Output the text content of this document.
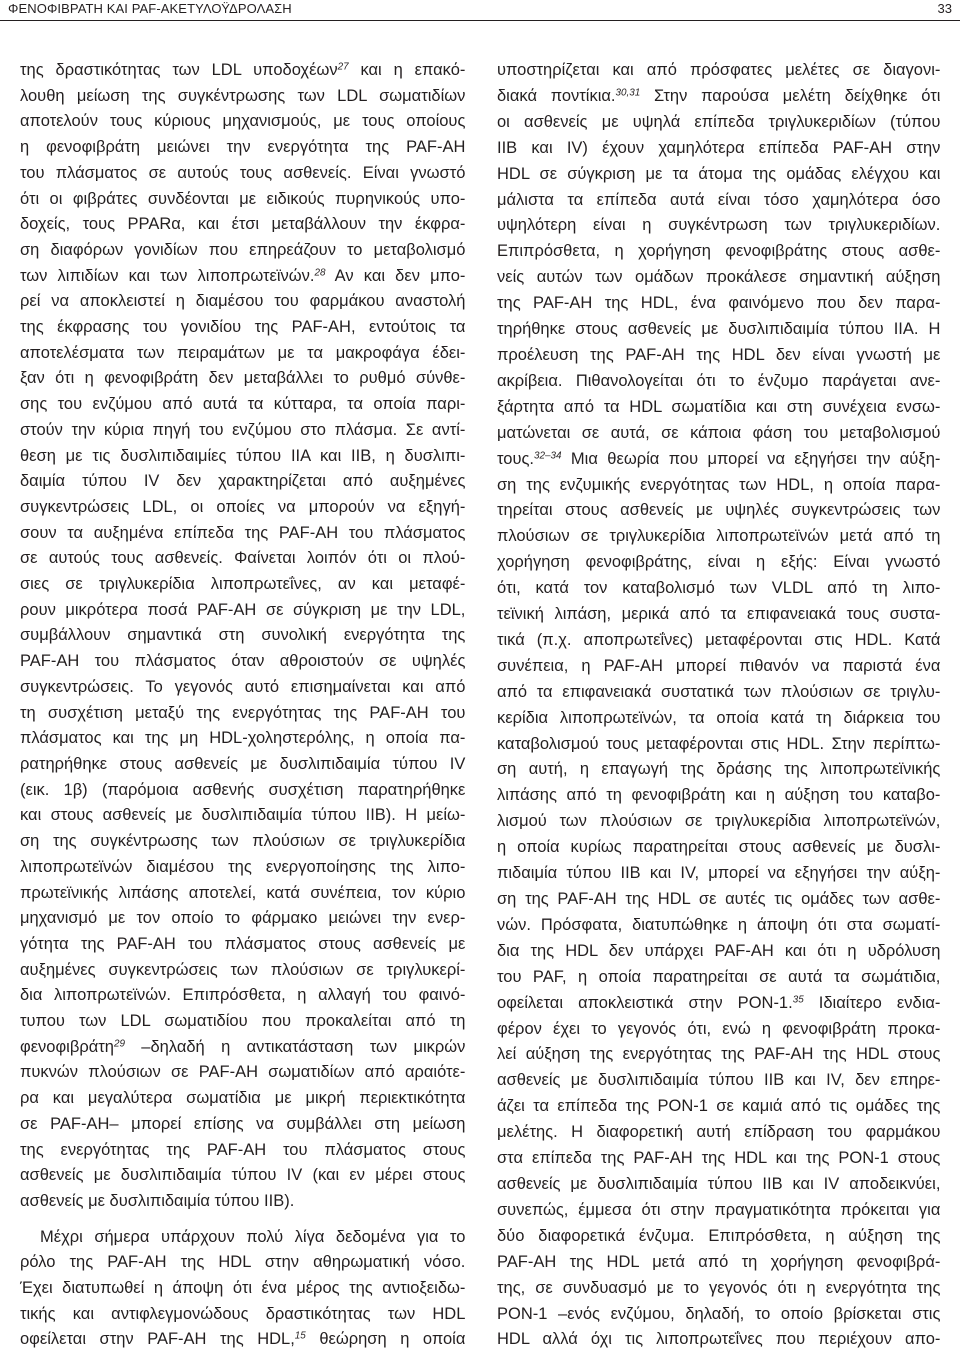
ΦΕΝΟΦΙΒΡΑΤΗ ΚΑΙ PAF-ΑΚΕΤΥΛΟΫΔΡΟΛΑΣΗ	33
της δραστικότητας των LDL υποδοχέων$^{27}$ και η επακό-
λουθη μείωση της συγκέντρωσης των LDL σωματιδίων
αποτελούν τους κύριους μηχανισμούς, με τους οποίους
η φενοφιβράτη μειώνει την ενεργότητα της PAF-AH
του πλάσματος σε αυτούς τους ασθενείς. Είναι γνωστό
ότι οι φιβράτες συνδέονται με ειδικούς πυρηνικούς υπο-
δοχείς, τους PPARα, και έτσι μεταβάλλουν την έκφρα-
ση διαφόρων γονιδίων που επηρεάζουν το μεταβολισμό
των λιπιδίων και των λιποπρωτεϊνών.$^{28}$ Αν και δεν μπο-
ρεί να αποκλειστεί η διαμέσου του φαρμάκου αναστολή
της έκφρασης του γονιδίου της PAF-AH, εντούτοις τα
αποτελέσματα των πειραμάτων με τα μακροφάγα έδει-
ξαν ότι η φενοφιβράτη δεν μεταβάλλει το ρυθμό σύνθε-
σης του ενζύμου από αυτά τα κύτταρα, τα οποία παρι-
στούν την κύρια πηγή του ενζύμου στο πλάσμα. Σε αντί-
θεση με τις δυσλιπιδαιμίες τύπου IIA και IIB, η δυσλιπι-
δαιμία τύπου IV δεν χαρακτηρίζεται από αυξημένες
συγκεντρώσεις LDL, οι οποίες να μπορούν να εξηγή-
σουν τα αυξημένα επίπεδα της PAF-AH του πλάσματος
σε αυτούς τους ασθενείς. Φαίνεται λοιπόν ότι οι πλού-
σιες σε τριγλυκερίδια λιποπρωτεΐνες, αν και μεταφέ-
ρουν μικρότερα ποσά PAF-AH σε σύγκριση με την LDL,
συμβάλλουν σημαντικά στη συνολική ενεργότητα της
PAF-AH του πλάσματος όταν αθροιστούν σε υψηλές
συγκεντρώσεις. Το γεγονός αυτό επισημαίνεται και από
τη συσχέτιση μεταξύ της ενεργότητας της PAF-AH του
πλάσματος και της μη HDL-χοληστερόλης, η οποία πα-
ρατηρήθηκε στους ασθενείς με δυσλιπιδαιμία τύπου IV
(εικ. 1β) (παρόμοια ασθενής συσχέτιση παρατηρήθηκε
και στους ασθενείς με δυσλιπιδαιμία τύπου IIB). Η μείω-
ση της συγκέντρωσης των πλούσιων σε τριγλυκερίδια
λιποπρωτεϊνών διαμέσου της ενεργοποίησης της λιπο-
πρωτεϊνικής λιπάσης αποτελεί, κατά συνέπεια, τον κύριο
μηχανισμό με τον οποίο το φάρμακο μειώνει την ενερ-
γότητα της PAF-AH του πλάσματος στους ασθενείς με
αυξημένες συγκεντρώσεις των πλούσιων σε τριγλυκερί-
δια λιποπρωτεϊνών. Επιπρόσθετα, η αλλαγή του φαινό-
τυπου των LDL σωματιδίου που προκαλείται από τη
φενοφιβράτη$^{29}$ –δηλαδή η αντικατάσταση των μικρών
πυκνών πλούσιων σε PAF-AH σωματιδίων από αραιότε-
ρα και μεγαλύτερα σωματίδια με μικρή περιεκτικότητα
σε PAF-AH– μπορεί επίσης να συμβάλλει στη μείωση
της ενεργότητας της PAF-AH του πλάσματος στους
ασθενείς με δυσλιπιδαιμία τύπου IV (και εν μέρει στους
ασθενείς με δυσλιπιδαιμία τύπου IIB).
Μέχρι σήμερα υπάρχουν πολύ λίγα δεδομένα για το
ρόλο της PAF-AH της HDL στην αθηρωματική νόσο.
Έχει διατυπωθεί η άποψη ότι ένα μέρος της αντιοξειδω-
τικής και αντιφλεγμονώδους δραστικότητας των HDL
οφείλεται στην PAF-AH της HDL,$^{15}$ θεώρηση η οποία
υποστηρίζεται και από πρόσφατες μελέτες σε διαγονι-
διακά ποντίκια.$^{30,31}$ Στην παρούσα μελέτη δείχθηκε ότι
οι ασθενείς με υψηλά επίπεδα τριγλυκεριδίων (τύπου
IIB και IV) έχουν χαμηλότερα επίπεδα PAF-AH στην
HDL σε σύγκριση με τα άτομα της ομάδας ελέγχου και
μάλιστα τα επίπεδα αυτά είναι τόσο χαμηλότερα όσο
υψηλότερη είναι η συγκέντρωση των τριγλυκεριδίων.
Επιπρόσθετα, η χορήγηση φενοφιβράτης στους ασθε-
νείς αυτών των ομάδων προκάλεσε σημαντική αύξηση
της PAF-AH της HDL, ένα φαινόμενο που δεν παρα-
τηρήθηκε στους ασθενείς με δυσλιπιδαιμία τύπου IIA. Η
προέλευση της PAF-AH της HDL δεν είναι γνωστή με
ακρίβεια. Πιθανολογείται ότι το ένζυμο παράγεται ανε-
ξάρτητα από τα HDL σωματίδια και στη συνέχεια ενσω-
ματώνεται σε αυτά, σε κάποια φάση του μεταβολισμού
τους.$^{32-34}$ Μια θεωρία που μπορεί να εξηγήσει την αύξη-
ση της ενζυμικής ενεργότητας των HDL, η οποία παρα-
τηρείται στους ασθενείς με υψηλές συγκεντρώσεις των
πλούσιων σε τριγλυκερίδια λιποπρωτεϊνών μετά από τη
χορήγηση φενοφιβράτης, είναι η εξής: Είναι γνωστό
ότι, κατά τον καταβολισμό των VLDL από τη λιπο-
τεϊνική λιπάση, μερικά από τα επιφανειακά τους συστα-
τικά (π.χ. αποπρωτεΐνες) μεταφέρονται στις HDL. Κατά
συνέπεια, η PAF-AH μπορεί πιθανόν να παριστά ένα
από τα επιφανειακά συστατικά των πλούσιων σε τριγλυ-
κερίδια λιποπρωτεϊνών, τα οποία κατά τη διάρκεια του
καταβολισμού τους μεταφέρονται στις HDL. Στην περίπτω-
ση αυτή, η επαγωγή της δράσης της λιποπρωτεϊνικής
λιπάσης από τη φενοφιβράτη και η αύξηση του καταβο-
λισμού των πλούσιων σε τριγλυκερίδια λιποπρωτεϊνών,
η οποία κυρίως παρατηρείται στους ασθενείς με δυσλι-
πιδαιμία τύπου IIB και IV, μπορεί να εξηγήσει την αύξη-
ση της PAF-AH της HDL σε αυτές τις ομάδες των ασθε-
νών. Πρόσφατα, διατυπώθηκε η άποψη ότι στα σωματί-
δια της HDL δεν υπάρχει PAF-AH και ότι η υδρόλυση
του PAF, η οποία παρατηρείται σε αυτά τα σωμάτιδια,
οφείλεται αποκλειστικά στην PON-1.35 Ιδιαίτερο ενδια-
φέρον έχει το γεγονός ότι, ενώ η φενοφιβράτη προκα-
λεί αύξηση της ενεργότητας της PAF-AH της HDL στους
ασθενείς με δυσλιπιδαιμία τύπου IIB και IV, δεν επηρε-
άζει τα επίπεδα της PON-1 σε καμιά από τις ομάδες της
μελέτης. Η διαφορετική αυτή επίδραση του φαρμάκου
στα επίπεδα της PAF-AH της HDL και της PON-1 στους
ασθενείς με δυσλιπιδαιμία τύπου IIB και IV αποδεικνύει,
συνεπώς, έμμεσα ότι στην πραγματικότητα πρόκειται για
δύο διαφορετικά ένζυμα. Επιπρόσθετα, η αύξηση της
PAF-AH της HDL μετά από τη χορήγηση φενοφιβρά-
της, σε συνδυασμό με το γεγονός ότι η ενεργότητα της
PON-1 –ενός ενζύμου, δηλαδή, το οποίο βρίσκεται στις
HDL αλλά όχι τις λιποπρωτεΐνες που περιέχουν απο-
